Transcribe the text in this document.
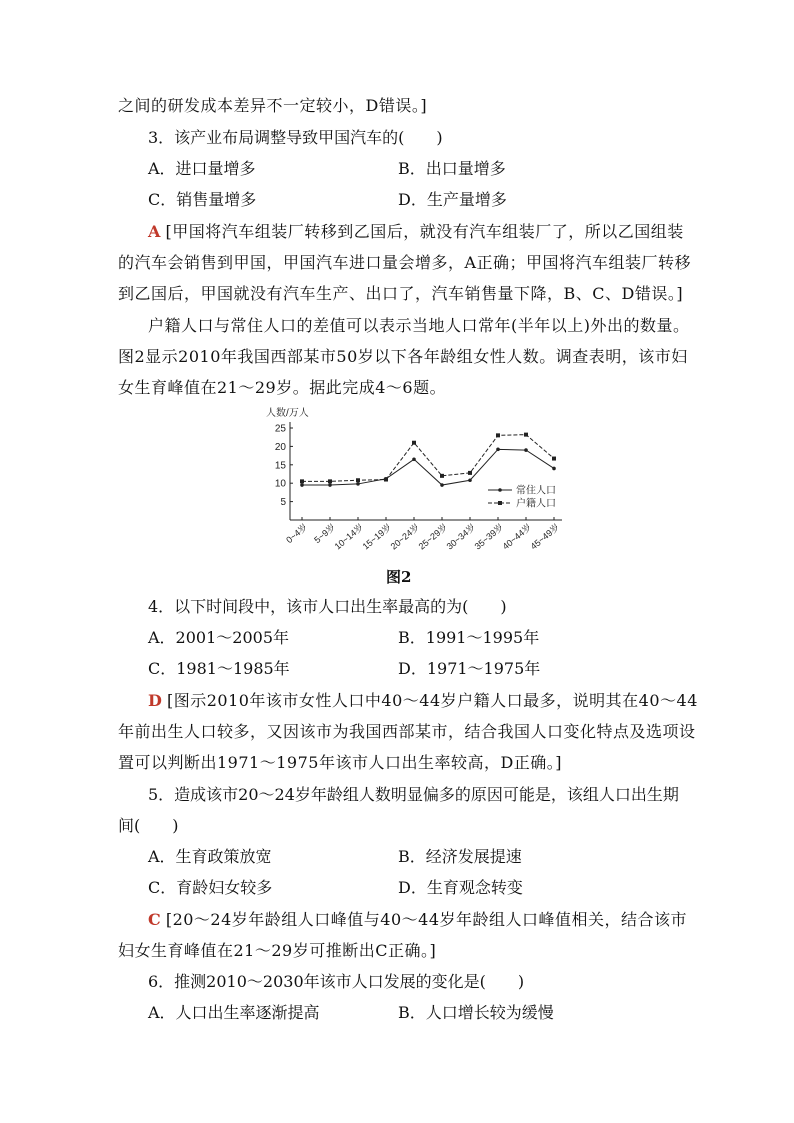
之间的研发成本差异不一定较小，D错误。]
3．该产业布局调整导致甲国汽车的(　　)
A．进口量增多	B．出口量增多
C．销售量增多	D．生产量增多
A [甲国将汽车组装厂转移到乙国后，就没有汽车组装厂了，所以乙国组装
的汽车会销售到甲国，甲国汽车进口量会增多，A正确；甲国将汽车组装厂转移
到乙国后，甲国就没有汽车生产、出口了，汽车销售量下降，B、C、D错误。]
户籍人口与常住人口的差值可以表示当地人口常年(半年以上)外出的数量。
图2显示2010年我国西部某市50岁以下各年龄组女性人数。调查表明，该市妇
女生育峰值在21～29岁。据此完成4～6题。
人数/万人
25
20
15
10
5
0~4岁 5~9岁
10~14岁
15~19岁
20~24岁
25~29岁
30~34岁
35~39岁
40~44岁
45~49岁
常住人口
户籍人口
图2
4．以下时间段中，该市人口出生率最高的为(　　)
A．2001～2005年	B．1991～1995年
C．1981～1985年	D．1971～1975年
D [图示2010年该市女性人口中40～44岁户籍人口最多，说明其在40～44
年前出生人口较多，又因该市为我国西部某市，结合我国人口变化特点及选项设
置可以判断出1971～1975年该市人口出生率较高，D正确。]
5．造成该市20～24岁年龄组人数明显偏多的原因可能是，该组人口出生期
间(　　)
A．生育政策放宽	B．经济发展提速
C．育龄妇女较多	D．生育观念转变
C [20～24岁年龄组人口峰值与40～44岁年龄组人口峰值相关，结合该市
妇女生育峰值在21～29岁可推断出C正确。]
6．推测2010～2030年该市人口发展的变化是(　　)
A．人口出生率逐渐提高	B．人口增长较为缓慢
